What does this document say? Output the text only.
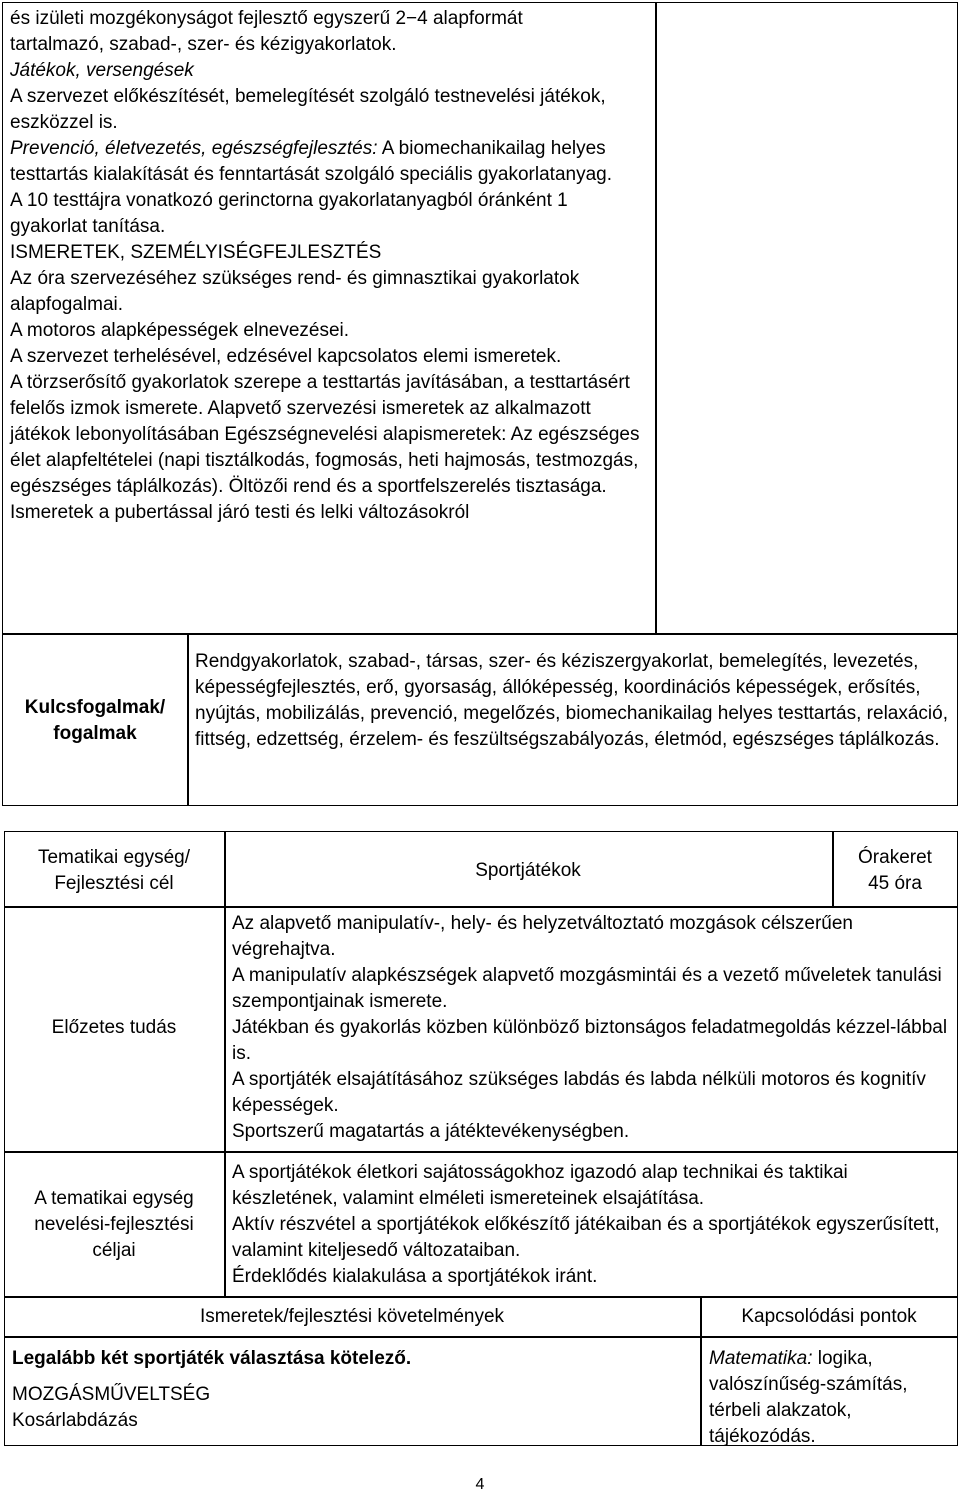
és izületi mozgékonyságot fejlesztő egyszerű 2−4 alapformát

tartalmazó, szabad-, szer- és kézigyakorlatok.

Játékok, versengések

A szervezet előkészítését, bemelegítését szolgáló testnevelési játékok, eszközzel is.

Prevenció, életvezetés, egészségfejlesztés: A biomechanikailag helyes testtartás kialakítását és fenntartását szolgáló speciális gyakorlatanyag.

A 10 testtájra vonatkozó gerinctorna gyakorlatanyagból óránként 1 gyakorlat tanítása.

ISMERETEK, SZEMÉLYISÉGFEJLESZTÉS

Az óra szervezéséhez szükséges rend- és gimnasztikai gyakorlatok alapfogalmai.

A motoros alapképességek elnevezései.

A szervezet terhelésével, edzésével kapcsolatos elemi ismeretek.

A törzserősítő gyakorlatok szerepe a testtartás javításában, a testtartásért felelős izmok ismerete. Alapvető szervezési ismeretek az alkalmazott játékok lebonyolításában Egészségnevelési alapismeretek: Az egészséges élet alapfeltételei (napi tisztálkodás, fogmosás, heti hajmosás, testmozgás, egészséges táplálkozás). Öltözői rend és a sportfelszerelés tisztasága. Ismeretek a pubertással járó testi és lelki változásokról

Kulcsfogalmak/ fogalmak
Rendgyakorlatok, szabad-, társas, szer- és kéziszergyakorlat, bemelegítés, levezetés, képességfejlesztés, erő, gyorsaság, állóképesség, koordinációs képességek, erősítés, nyújtás, mobilizálás, prevenció, megelőzés, biomechanikailag helyes testtartás, relaxáció, fittség, edzettség, érzelem- és feszültségszabályozás, életmód, egészséges táplálkozás.
Tematikai egység/ Fejlesztési cél
Sportjátékok
Órakeret
45 óra
Előzetes tudás

Az alapvető manipulatív-, hely- és helyzetváltoztató mozgások célszerűen végrehajtva.

A manipulatív alapkészségek alapvető mozgásmintái és a vezető műveletek tanulási szempontjainak ismerete.

Játékban és gyakorlás közben különböző biztonságos feladatmegoldás kézzel-lábbal is.

A sportjáték elsajátításához szükséges labdás és labda nélküli motoros és kognitív képességek.

Sportszerű magatartás a játéktevékenységben.

A tematikai egység nevelési-fejlesztési céljai

A sportjátékok életkori sajátosságokhoz igazodó alap technikai és taktikai készletének, valamint elméleti ismereteinek elsajátítása.

Aktív részvétel a sportjátékok előkészítő játékaiban és a sportjátékok egyszerűsített, valamint kiteljesedő változataiban.

Érdeklődés kialakulása a sportjátékok iránt.

Ismeretek/fejlesztési követelmények	Kapcsolódási pontok

Legalább két sportjáték választása kötelező.

MOZGÁSMŰVELTSÉG

Kosárlabdázás

Matematika: logika, valószínűség-számítás, térbeli alakzatok, tájékozódás.

4
